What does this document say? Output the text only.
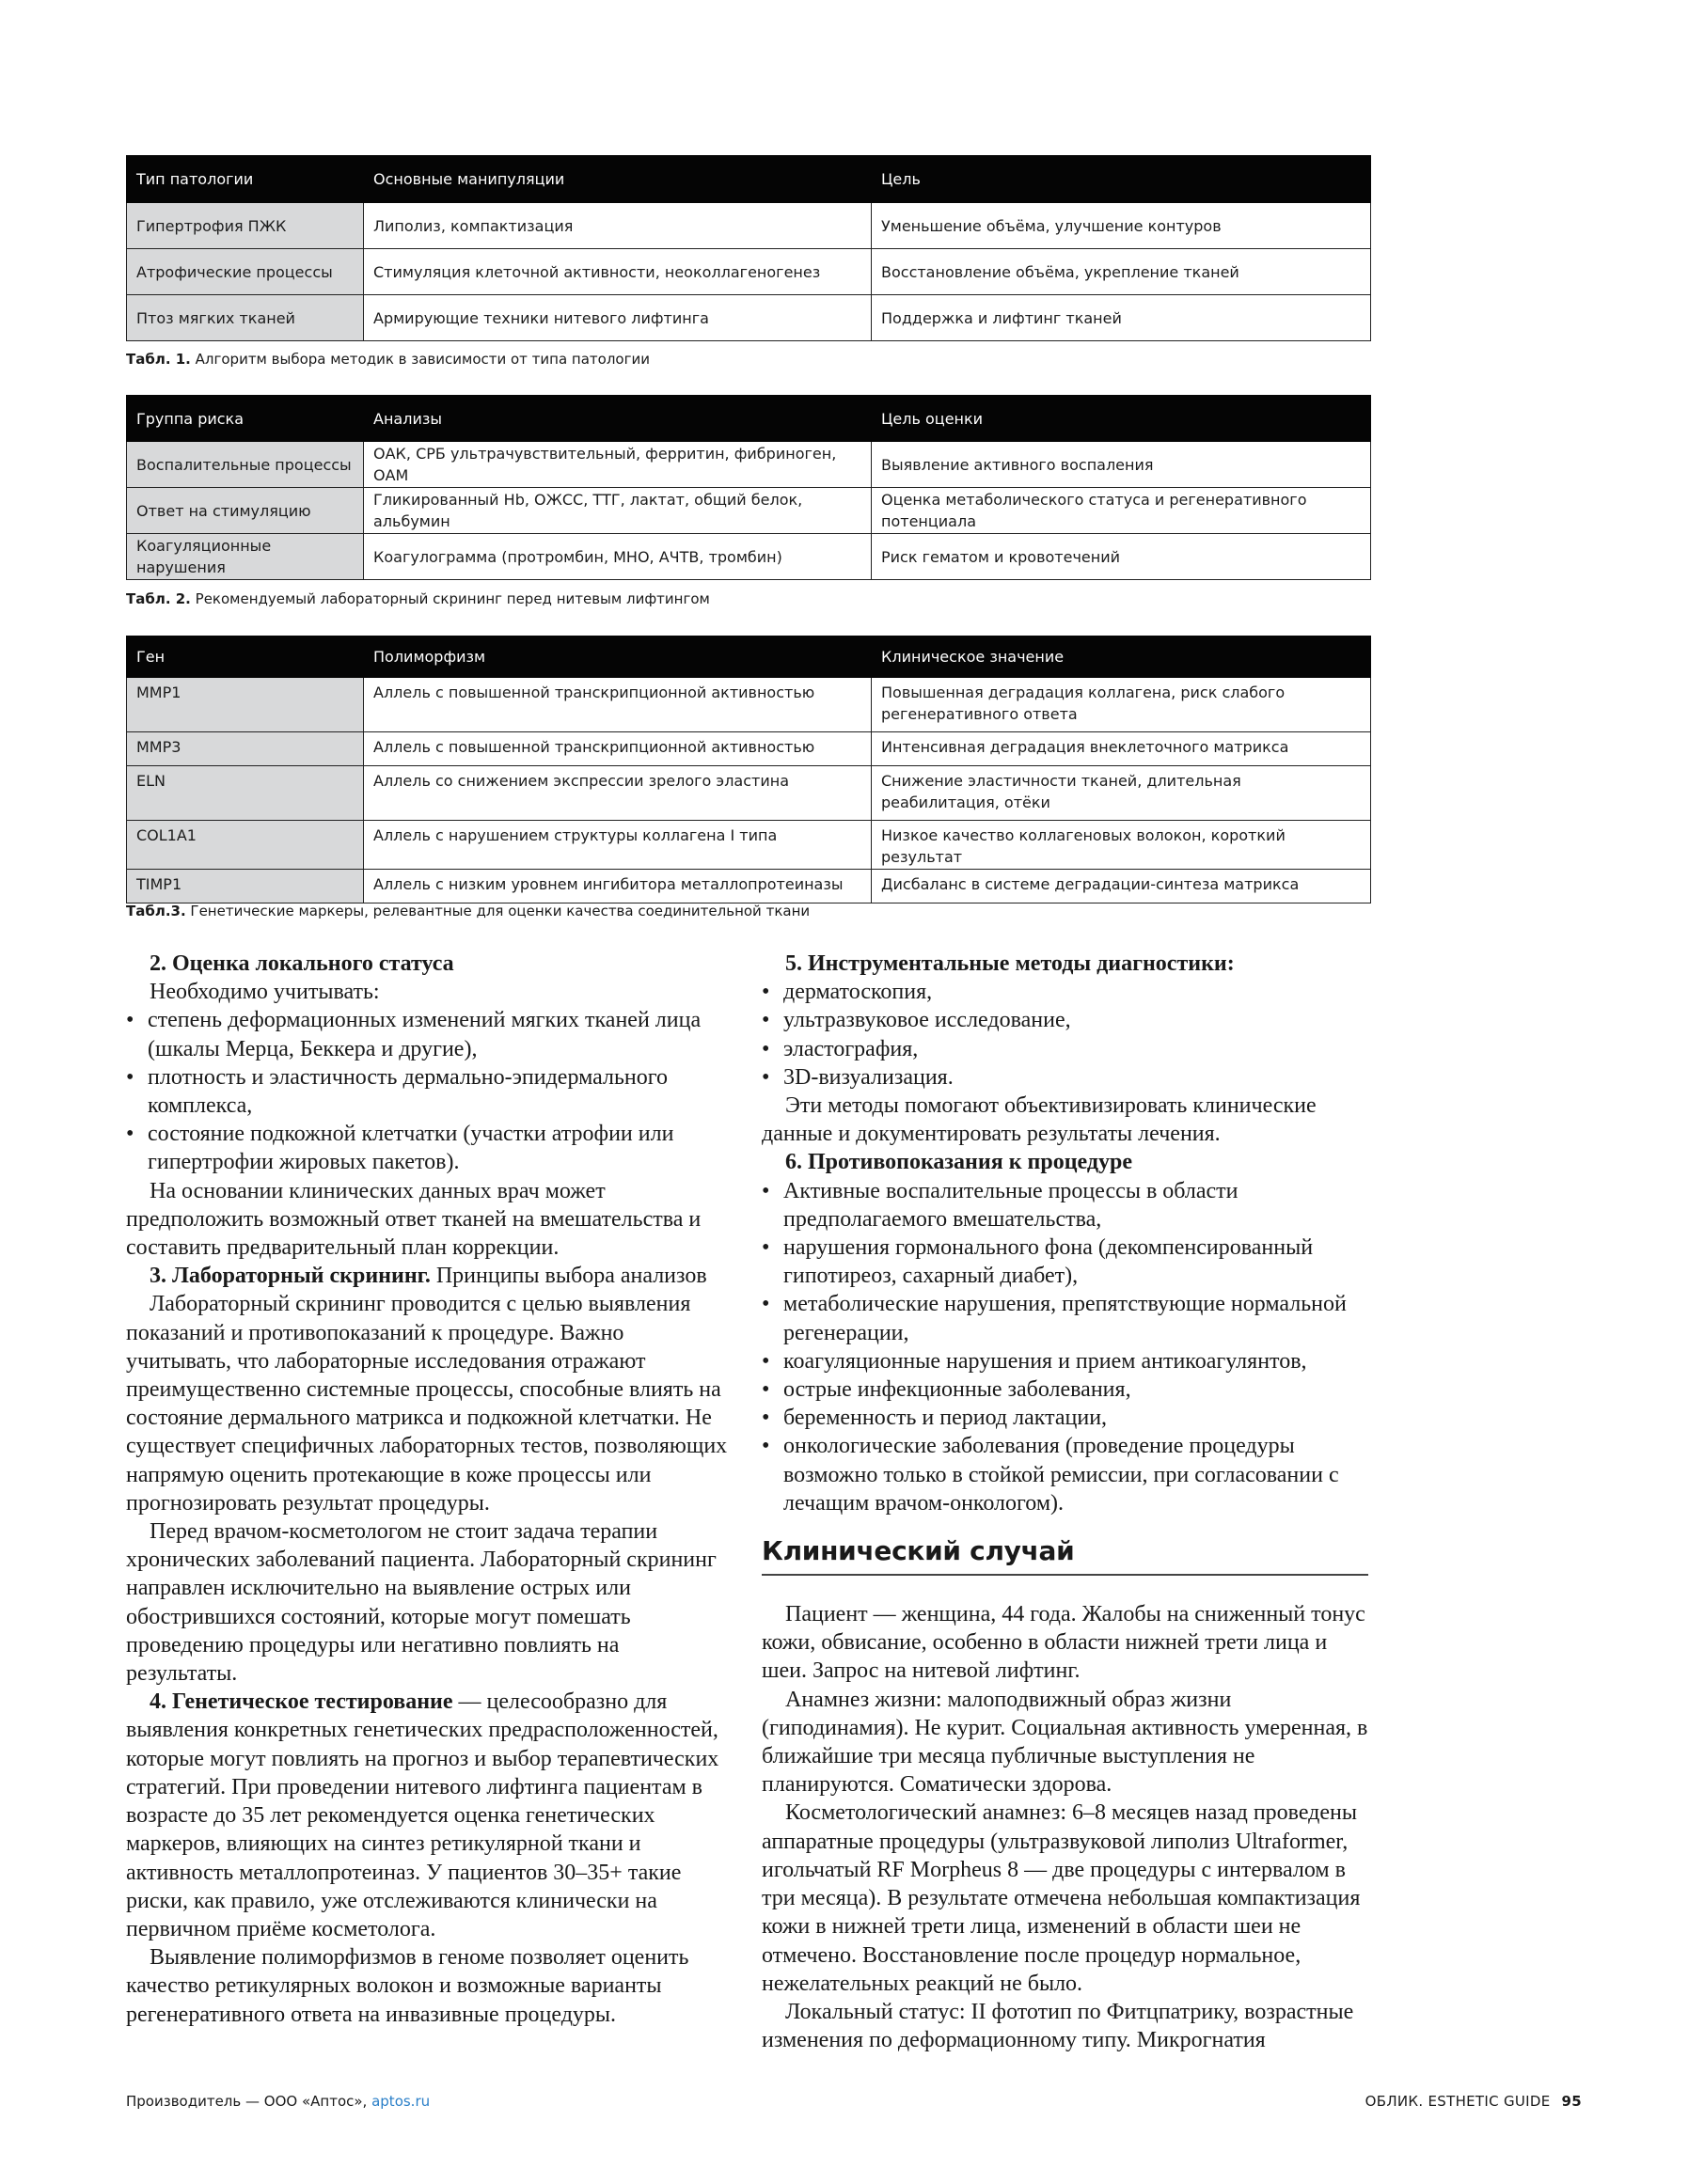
Тип патологии	Основные манипуляции	Цель
Гипертрофия ПЖК	Липолиз, компактизация	Уменьшение объёма, улучшение контуров
Атрофические процессы	Стимуляция клеточной активности, неоколлагеногенез	Восстановление объёма, укрепление тканей
Птоз мягких тканей	Армирующие техники нитевого лифтинга	Поддержка и лифтинг тканей
Табл. 1. Алгоритм выбора методик в зависимости от типа патологии
Группа риска	Анализы	Цель оценки
Воспалительные процессы	ОАК, СРБ ультрачувствительный, ферритин, фибриноген, ОАМ	Выявление активного воспаления
Ответ на стимуляцию	Гликированный Hb, ОЖСС, ТТГ, лактат, общий белок, альбумин	Оценка метаболического статуса и регенеративного потенциала
Коагуляционные нарушения	Коагулограмма (протромбин, МНО, АЧТВ, тромбин)	Риск гематом и кровотечений
Табл. 2. Рекомендуемый лабораторный скрининг перед нитевым лифтингом
Ген	Полиморфизм	Клиническое значение
MMP1	Аллель с повышенной транскрипционной активностью	Повышенная деградация коллагена, риск слабого регенеративного ответа
MMP3	Аллель с повышенной транскрипционной активностью	Интенсивная деградация внеклеточного матрикса
ELN	Аллель со снижением экспрессии зрелого эластина	Снижение эластичности тканей, длительная реабилитация, отёки
COL1A1	Аллель с нарушением структуры коллагена I типа	Низкое качество коллагеновых волокон, короткий результат
TIMP1	Аллель с низким уровнем ингибитора металлопротеиназы	Дисбаланс в системе деградации-синтеза матрикса
Табл.3. Генетические маркеры, релевантные для оценки качества соединительной ткани

2. Оценка локального статуса

Необходимо учитывать:

• степень деформационных изменений мягких тканей лица (шкалы Мерца, Беккера и другие),
• плотность и эластичность дермально-эпидермального комплекса,
• состояние подкожной клетчатки (участки атрофии или гипертрофии жировых пакетов).

На основании клинических данных врач может предположить возможный ответ тканей на вмешательства и составить предварительный план коррекции.

3. Лабораторный скрининг. Принципы выбора анализов

Лабораторный скрининг проводится с целью выявления показаний и противопоказаний к процедуре. Важно учитывать, что лабораторные исследования отражают преимущественно системные процессы, способные влиять на состояние дермального матрикса и подкожной клетчатки. Не существует специфичных лабораторных тестов, позволяющих напрямую оценить протекающие в коже процессы или прогнозировать результат процедуры.

Перед врачом-косметологом не стоит задача терапии хронических заболеваний пациента. Лабораторный скрининг направлен исключительно на выявление острых или обострившихся состояний, которые могут помешать проведению процедуры или негативно повлиять на результаты.

4. Генетическое тестирование — целесообразно для выявления конкретных генетических предрасположенностей, которые могут повлиять на прогноз и выбор терапевтических стратегий. При проведении нитевого лифтинга пациентам в возрасте до 35 лет рекомендуется оценка генетических маркеров, влияющих на синтез ретикулярной ткани и активность металлопротеиназ. У пациентов 30–35+ такие риски, как правило, уже отслеживаются клинически на первичном приёме косметолога.

Выявление полиморфизмов в геноме позволяет оценить качество ретикулярных волокон и возможные варианты регенеративного ответа на инвазивные процедуры.

5. Инструментальные методы диагностики:

• дерматоскопия,
• ультразвуковое исследование,
• эластография,
• 3D-визуализация.

Эти методы помогают объективизировать клинические данные и документировать результаты лечения.

6. Противопоказания к процедуре

• Активные воспалительные процессы в области предполагаемого вмешательства,
• нарушения гормонального фона (декомпенсированный гипотиреоз, сахарный диабет),
• метаболические нарушения, препятствующие нормальной регенерации,
• коагуляционные нарушения и прием антикоагулянтов,
• острые инфекционные заболевания,
• беременность и период лактации,
• онкологические заболевания (проведение процедуры возможно только в стойкой ремиссии, при согласовании с лечащим врачом-онкологом).

Клинический случай

Пациент — женщина, 44 года. Жалобы на сниженный тонус кожи, обвисание, особенно в области нижней трети лица и шеи. Запрос на нитевой лифтинг.

Анамнез жизни: малоподвижный образ жизни (гиподинамия). Не курит. Социальная активность умеренная, в ближайшие три месяца публичные выступления не планируются. Соматически здорова.

Косметологический анамнез: 6–8 месяцев назад проведены аппаратные процедуры (ультразвуковой липолиз Ultraformer, игольчатый RF Morpheus 8 — две процедуры с интервалом в три месяца). В результате отмечена небольшая компактизация кожи в нижней трети лица, изменений в области шеи не отмечено. Восстановление после процедур нормальное, нежелательных реакций не было.

Локальный статус: II фототип по Фитцпатрику, возрастные изменения по деформационному типу. Микрогнатия

Производитель — ООО «Аптос», aptos.ru	ОБЛИК. ESTHETIC GUIDE 95
